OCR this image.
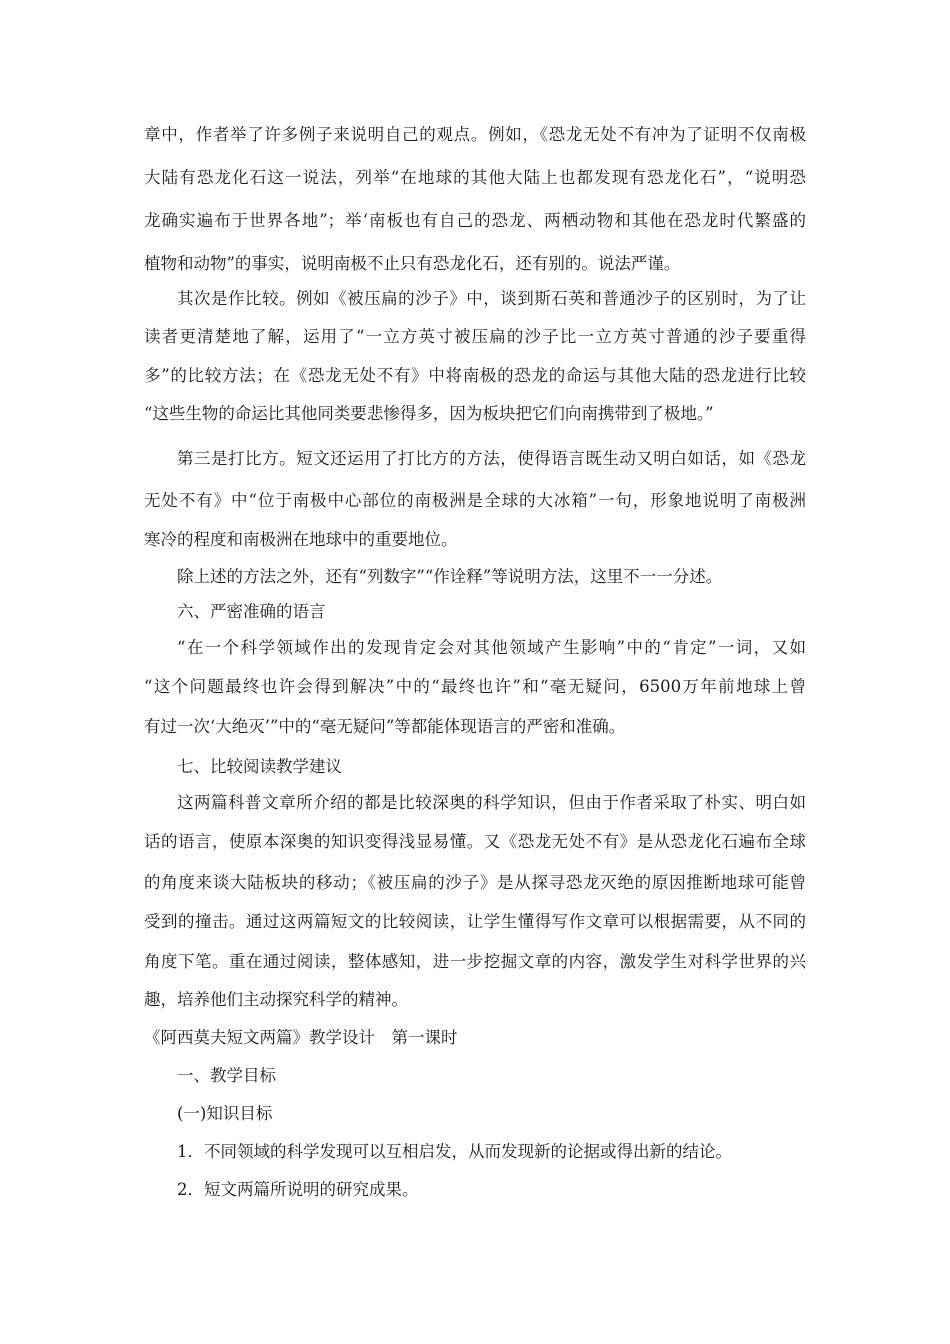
章中，作者举了许多例子来说明自己的观点。例如，《恐龙无处不有冲为了证明不仅南极
大陆有恐龙化石这一说法，列举“在地球的其他大陆上也都发现有恐龙化石”，“说明恐
龙确实遍布于世界各地”；举‘南板也有自己的恐龙、两栖动物和其他在恐龙时代繁盛的
植物和动物”的事实，说明南极不止只有恐龙化石，还有别的。说法严谨。
其次是作比较。例如《被压扁的沙子》中，谈到斯石英和普通沙子的区别时，为了让
读者更清楚地了解，运用了“一立方英寸被压扁的沙子比一立方英寸普通的沙子要重得
多”的比较方法；在《恐龙无处不有》中将南极的恐龙的命运与其他大陆的恐龙进行比较
“这些生物的命运比其他同类要悲惨得多，因为板块把它们向南携带到了极地。”
第三是打比方。短文还运用了打比方的方法，使得语言既生动又明白如话，如《恐龙
无处不有》中“位于南极中心部位的南极洲是全球的大冰箱”一句，形象地说明了南极洲
寒冷的程度和南极洲在地球中的重要地位。
除上述的方法之外，还有“列数字”“作诠释”等说明方法，这里不一一分述。
六、严密准确的语言
“在一个科学领域作出的发现肯定会对其他领域产生影响”中的“肯定”一词，又如
“这个问题最终也许会得到解决”中的“最终也许”和“毫无疑问，6500万年前地球上曾
有过一次‘大绝灭’”中的“毫无疑问”等都能体现语言的严密和准确。
七、比较阅读教学建议
这两篇科普文章所介绍的都是比较深奥的科学知识，但由于作者采取了朴实、明白如
话的语言，使原本深奥的知识变得浅显易懂。又《恐龙无处不有》是从恐龙化石遍布全球
的角度来谈大陆板块的移动；《被压扁的沙子》是从探寻恐龙灭绝的原因推断地球可能曾
受到的撞击。通过这两篇短文的比较阅读，让学生懂得写作文章可以根据需要，从不同的
角度下笔。重在通过阅读，整体感知，进一步挖掘文章的内容，激发学生对科学世界的兴
趣，培养他们主动探究科学的精神。
《阿西莫夫短文两篇》教学设计　第一课时
一、教学目标
(一)知识目标
1．不同领域的科学发现可以互相启发，从而发现新的论据或得出新的结论。
2．短文两篇所说明的研究成果。
